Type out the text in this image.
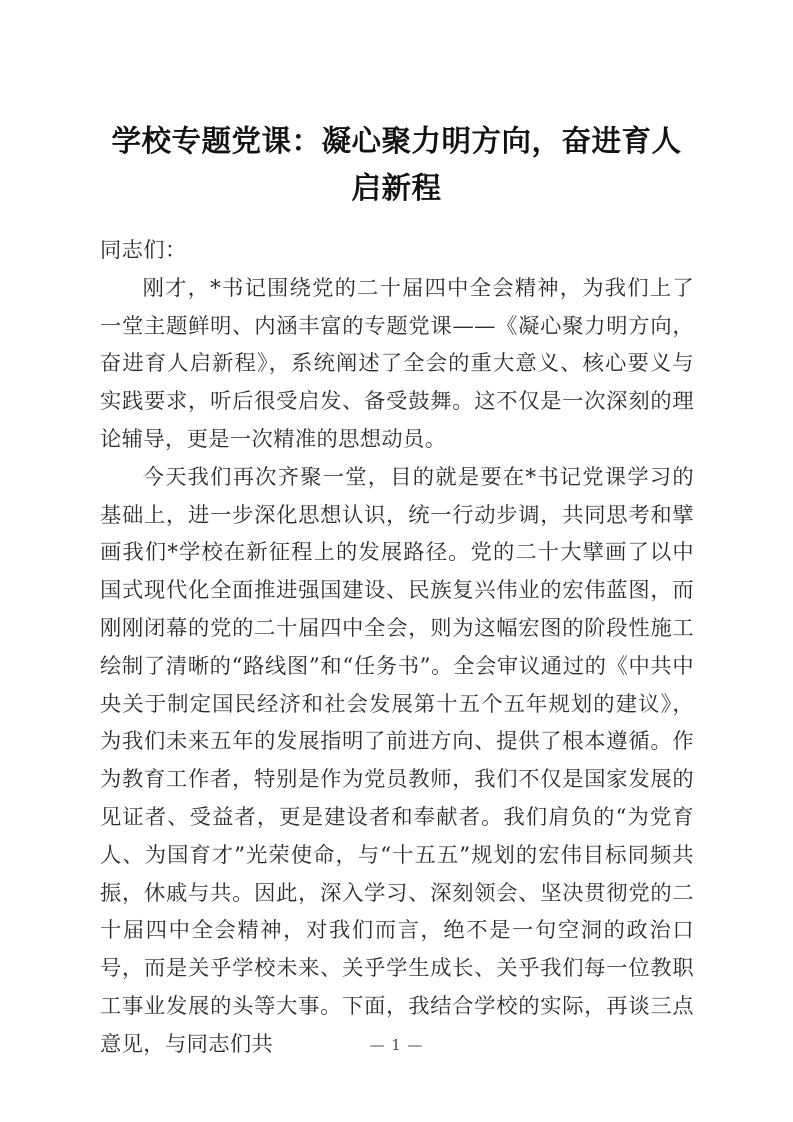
学校专题党课：凝心聚力明方向，奋进育人启新程

同志们：

刚才，*书记围绕党的二十届四中全会精神，为我们上了一堂主题鲜明、内涵丰富的专题党课——《凝心聚力明方向，奋进育人启新程》，系统阐述了全会的重大意义、核心要义与实践要求，听后很受启发、备受鼓舞。这不仅是一次深刻的理论辅导，更是一次精准的思想动员。

今天我们再次齐聚一堂，目的就是要在*书记党课学习的基础上，进一步深化思想认识，统一行动步调，共同思考和擘画我们*学校在新征程上的发展路径。党的二十大擘画了以中国式现代化全面推进强国建设、民族复兴伟业的宏伟蓝图，而刚刚闭幕的党的二十届四中全会，则为这幅宏图的阶段性施工绘制了清晰的“路线图”和“任务书”。全会审议通过的《中共中央关于制定国民经济和社会发展第十五个五年规划的建议》，为我们未来五年的发展指明了前进方向、提供了根本遵循。作为教育工作者，特别是作为党员教师，我们不仅是国家发展的见证者、受益者，更是建设者和奉献者。我们肩负的“为党育人、为国育才”光荣使命，与“十五五”规划的宏伟目标同频共振，休戚与共。因此，深入学习、深刻领会、坚决贯彻党的二十届四中全会精神，对我们而言，绝不是一句空洞的政治口号，而是关乎学校未来、关乎学生成长、关乎我们每一位教职工事业发展的头等大事。下面，我结合学校的实际，再谈三点意见，与同志们共	— 1 —
